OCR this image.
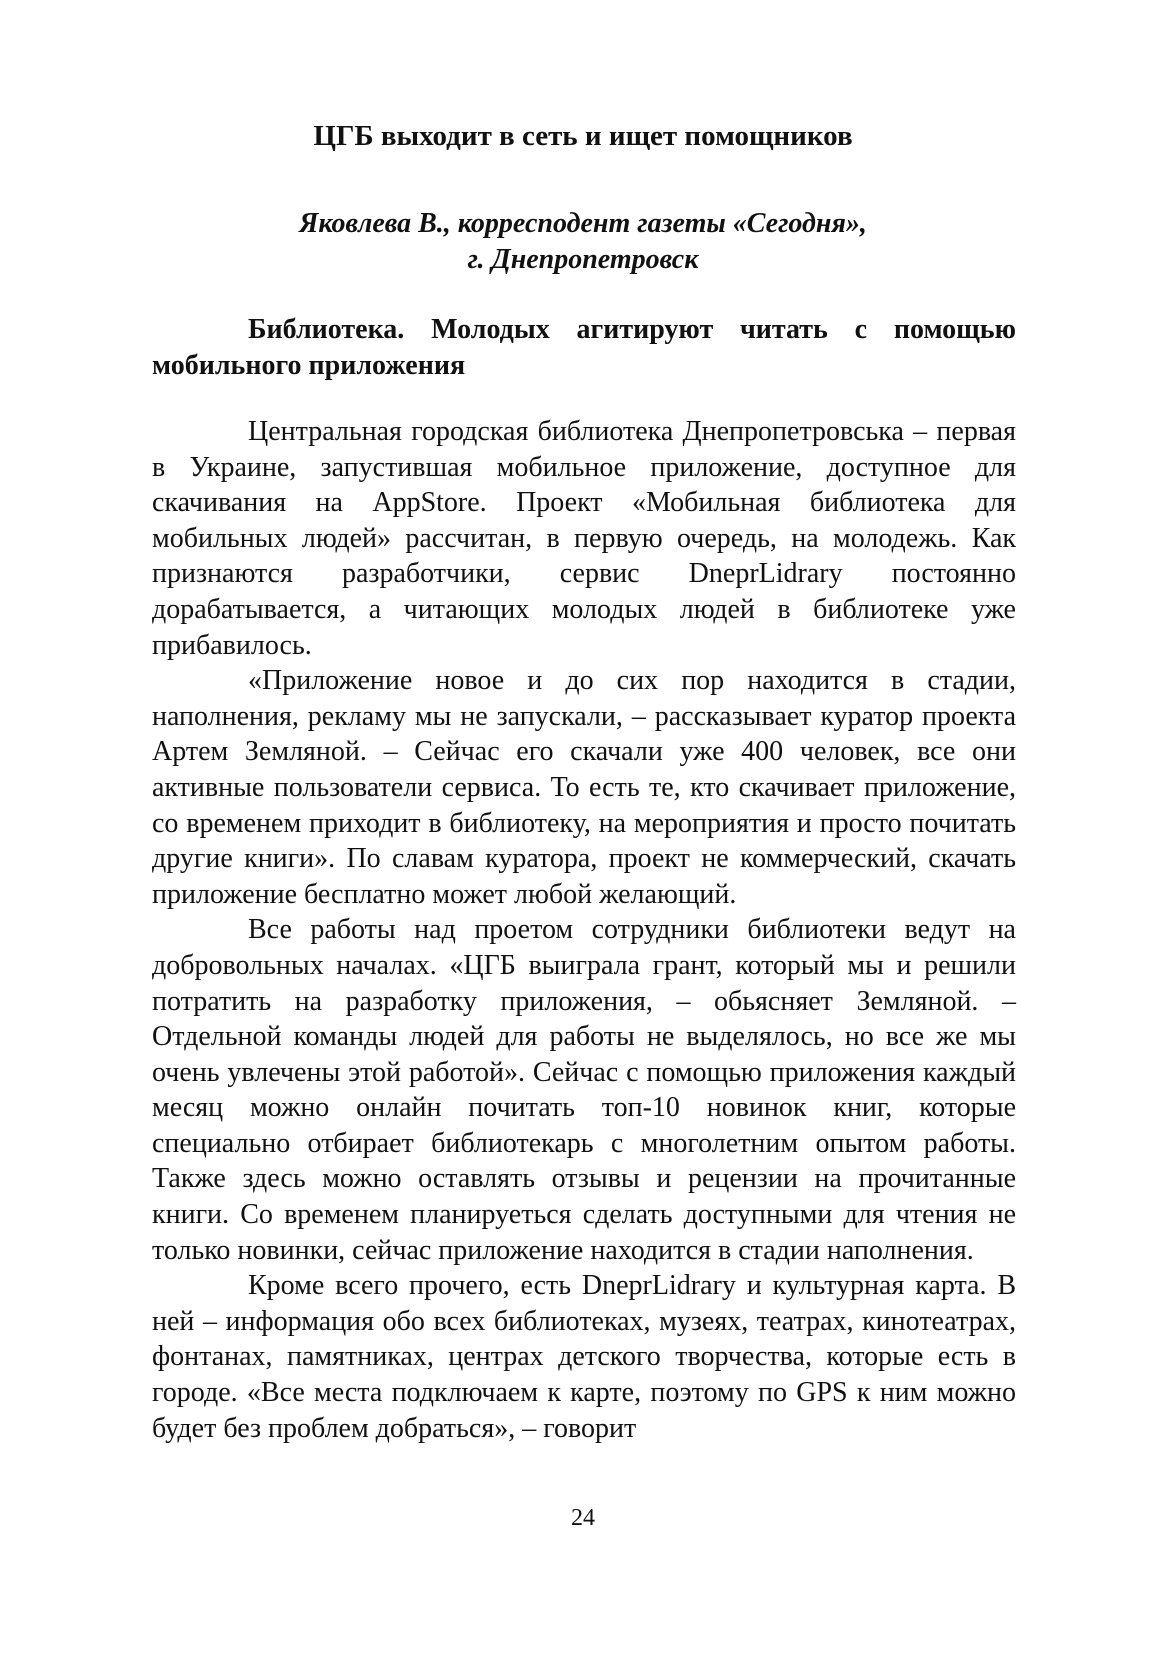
ЦГБ выходит в сеть и ищет помощников
Яковлева В., корресподент газеты «Сегодня»,
г. Днепропетровск
Библиотека. Молодых агитируют читать с помощью мобильного приложения

Центральная городская библиотека Днепропетровська – первая в Украине, запустившая мобильное приложение, доступное для скачивания на AppStore. Проект «Мобильная библиотека для мобильных людей» рассчитан, в первую очередь, на молодежь. Как признаются разработчики, сервис DneprLidrary постоянно дорабатывается, а читающих молодых людей в библиотеке уже прибавилось.

«Приложение новое и до сих пор находится в стадии, наполнения, рекламу мы не запускали, – рассказывает куратор проекта Артем Земляной. – Сейчас его скачали уже 400 человек, все они активные пользователи сервиса. То есть те, кто скачивает приложение, со временем приходит в библиотеку, на мероприятия и просто почитать другие книги». По славам куратора, проект не коммерческий, скачать приложение бесплатно может любой желающий.

Все работы над проетом сотрудники библиотеки ведут на добровольных началах. «ЦГБ выиграла грант, который мы и решили потратить на разработку приложения, – обьясняет Земляной. – Отдельной команды людей для работы не выделялось, но все же мы очень увлечены этой работой». Сейчас с помощью приложения каждый месяц можно онлайн почитать топ-10 новинок книг, которые специально отбирает библиотекарь с многолетним опытом работы. Также здесь можно оставлять отзывы и рецензии на прочитанные книги. Со временем планируеться сделать доступными для чтения не только новинки, сейчас приложение находится в стадии наполнения.

Кроме всего прочего, есть DneprLidrary и культурная карта. В ней – информация обо всех библиотеках, музеях, театрах, кинотеатрах, фонтанах, памятниках, центрах детского творчества, которые есть в городе. «Все места подключаем к карте, поэтому по GPS к ним можно будет без проблем добраться», – говорит

24
